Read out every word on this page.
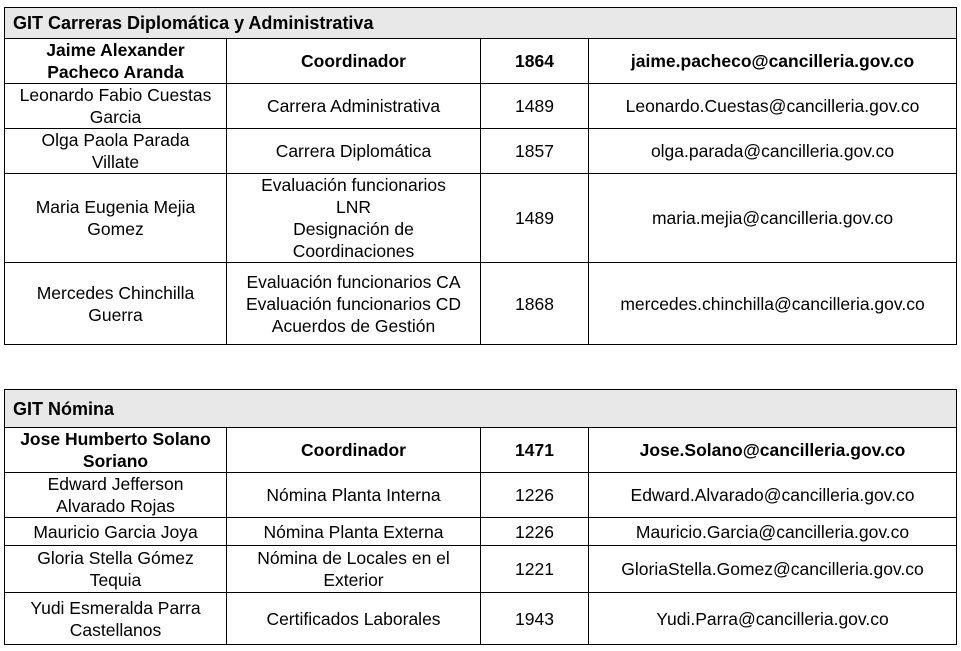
GIT Carreras Diplomática y Administrativa			

Jaime Alexander
Pacheco Aranda	Coordinador	1864	jaime.pacheco@cancilleria.gov.co

Leonardo Fabio Cuestas
Garcia	Carrera Administrativa	1489	Leonardo.Cuestas@cancilleria.gov.co

Olga Paola Parada
Villate	Carrera Diplomática	1857	olga.parada@cancilleria.gov.co

Maria Eugenia Mejia
Gomez	Evaluación funcionarios
LNR
Designación de
Coordinaciones	1489	maria.mejia@cancilleria.gov.co

Mercedes Chinchilla
Guerra	Evaluación funcionarios CA
Evaluación funcionarios CD
Acuerdos de Gestión	1868	mercedes.chinchilla@cancilleria.gov.co
GIT Nómina			

Jose Humberto Solano
Soriano	Coordinador	1471	Jose.Solano@cancilleria.gov.co

Edward Jefferson
Alvarado Rojas	Nómina Planta Interna	1226	Edward.Alvarado@cancilleria.gov.co

Mauricio Garcia Joya	Nómina Planta Externa	1226	Mauricio.Garcia@cancilleria.gov.co

Gloria Stella Gómez
Tequia	Nómina de Locales en el
Exterior	1221	GloriaStella.Gomez@cancilleria.gov.co

Yudi Esmeralda Parra
Castellanos	Certificados Laborales	1943	Yudi.Parra@cancilleria.gov.co
